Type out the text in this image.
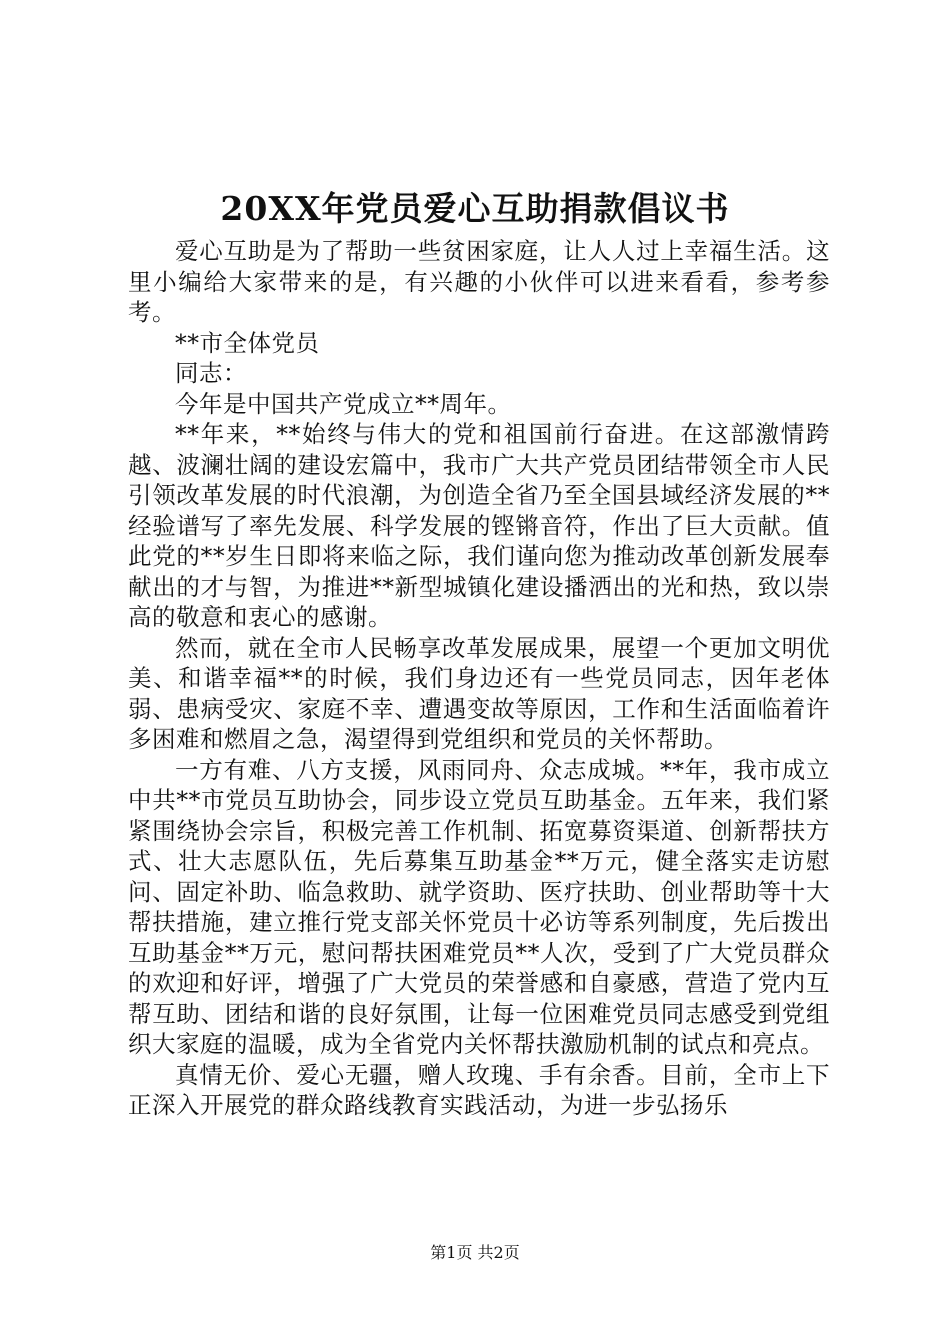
20XX年党员爱心互助捐款倡议书

爱心互助是为了帮助一些贫困家庭，让人人过上幸福生活。这里小编给大家带来的是，有兴趣的小伙伴可以进来看看，参考参考。

**市全体党员

同志：

今年是中国共产党成立**周年。

**年来，**始终与伟大的党和祖国前行奋进。在这部激情跨越、波澜壮阔的建设宏篇中，我市广大共产党员团结带领全市人民引领改革发展的时代浪潮，为创造全省乃至全国县域经济发展的**经验谱写了率先发展、科学发展的铿锵音符，作出了巨大贡献。值此党的**岁生日即将来临之际，我们谨向您为推动改革创新发展奉献出的才与智，为推进**新型城镇化建设播洒出的光和热，致以崇高的敬意和衷心的感谢。

然而，就在全市人民畅享改革发展成果，展望一个更加文明优美、和谐幸福**的时候，我们身边还有一些党员同志，因年老体弱、患病受灾、家庭不幸、遭遇变故等原因，工作和生活面临着许多困难和燃眉之急，渴望得到党组织和党员的关怀帮助。

一方有难、八方支援，风雨同舟、众志成城。**年，我市成立中共**市党员互助协会，同步设立党员互助基金。五年来，我们紧紧围绕协会宗旨，积极完善工作机制、拓宽募资渠道、创新帮扶方式、壮大志愿队伍，先后募集互助基金**万元，健全落实走访慰问、固定补助、临急救助、就学资助、医疗扶助、创业帮助等十大帮扶措施，建立推行党支部关怀党员十必访等系列制度，先后拨出互助基金**万元，慰问帮扶困难党员**人次，受到了广大党员群众的欢迎和好评，增强了广大党员的荣誉感和自豪感，营造了党内互帮互助、团结和谐的良好氛围，让每一位困难党员同志感受到党组织大家庭的温暖，成为全省党内关怀帮扶激励机制的试点和亮点。

真情无价、爱心无疆，赠人玫瑰、手有余香。目前，全市上下正深入开展党的群众路线教育实践活动，为进一步弘扬乐

第1页 共2页
